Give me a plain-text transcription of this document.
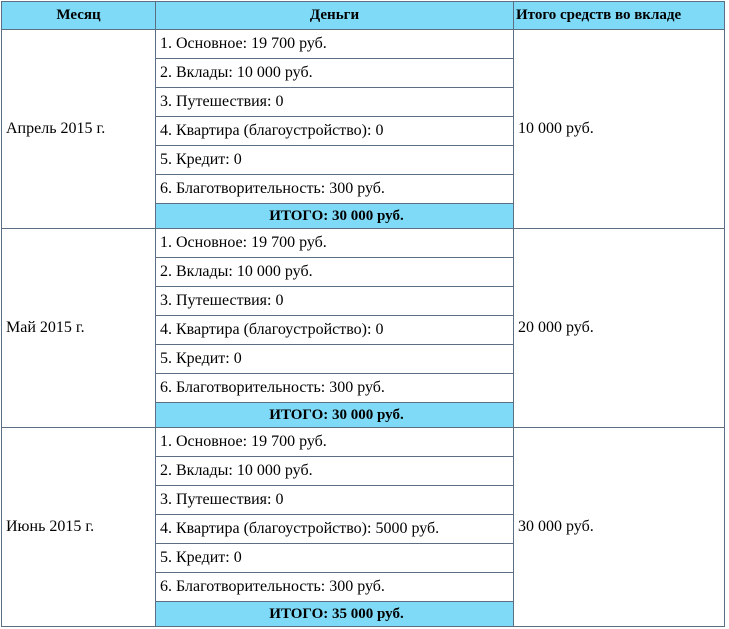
Месяц	Деньги	Итого средств во вкладе
Апрель 2015 г.	1. Основное: 19 700 руб.	10 000 руб.
	2. Вклады: 10 000 руб.	
	3. Путешествия: 0	
	4. Квартира (благоустройство): 0	
	5. Кредит: 0	
	6. Благотворительность: 300 руб.	
	ИТОГО: 30 000 руб.	
Май 2015 г.	1. Основное: 19 700 руб.	20 000 руб.
	2. Вклады: 10 000 руб.	
	3. Путешествия: 0	
	4. Квартира (благоустройство): 0	
	5. Кредит: 0	
	6. Благотворительность: 300 руб.	
	ИТОГО: 30 000 руб.	
Июнь 2015 г.	1. Основное: 19 700 руб.	30 000 руб.
	2. Вклады: 10 000 руб.	
	3. Путешествия: 0	
	4. Квартира (благоустройство): 5000 руб.	
	5. Кредит: 0	
	6. Благотворительность: 300 руб.	
	ИТОГО: 35 000 руб.	
